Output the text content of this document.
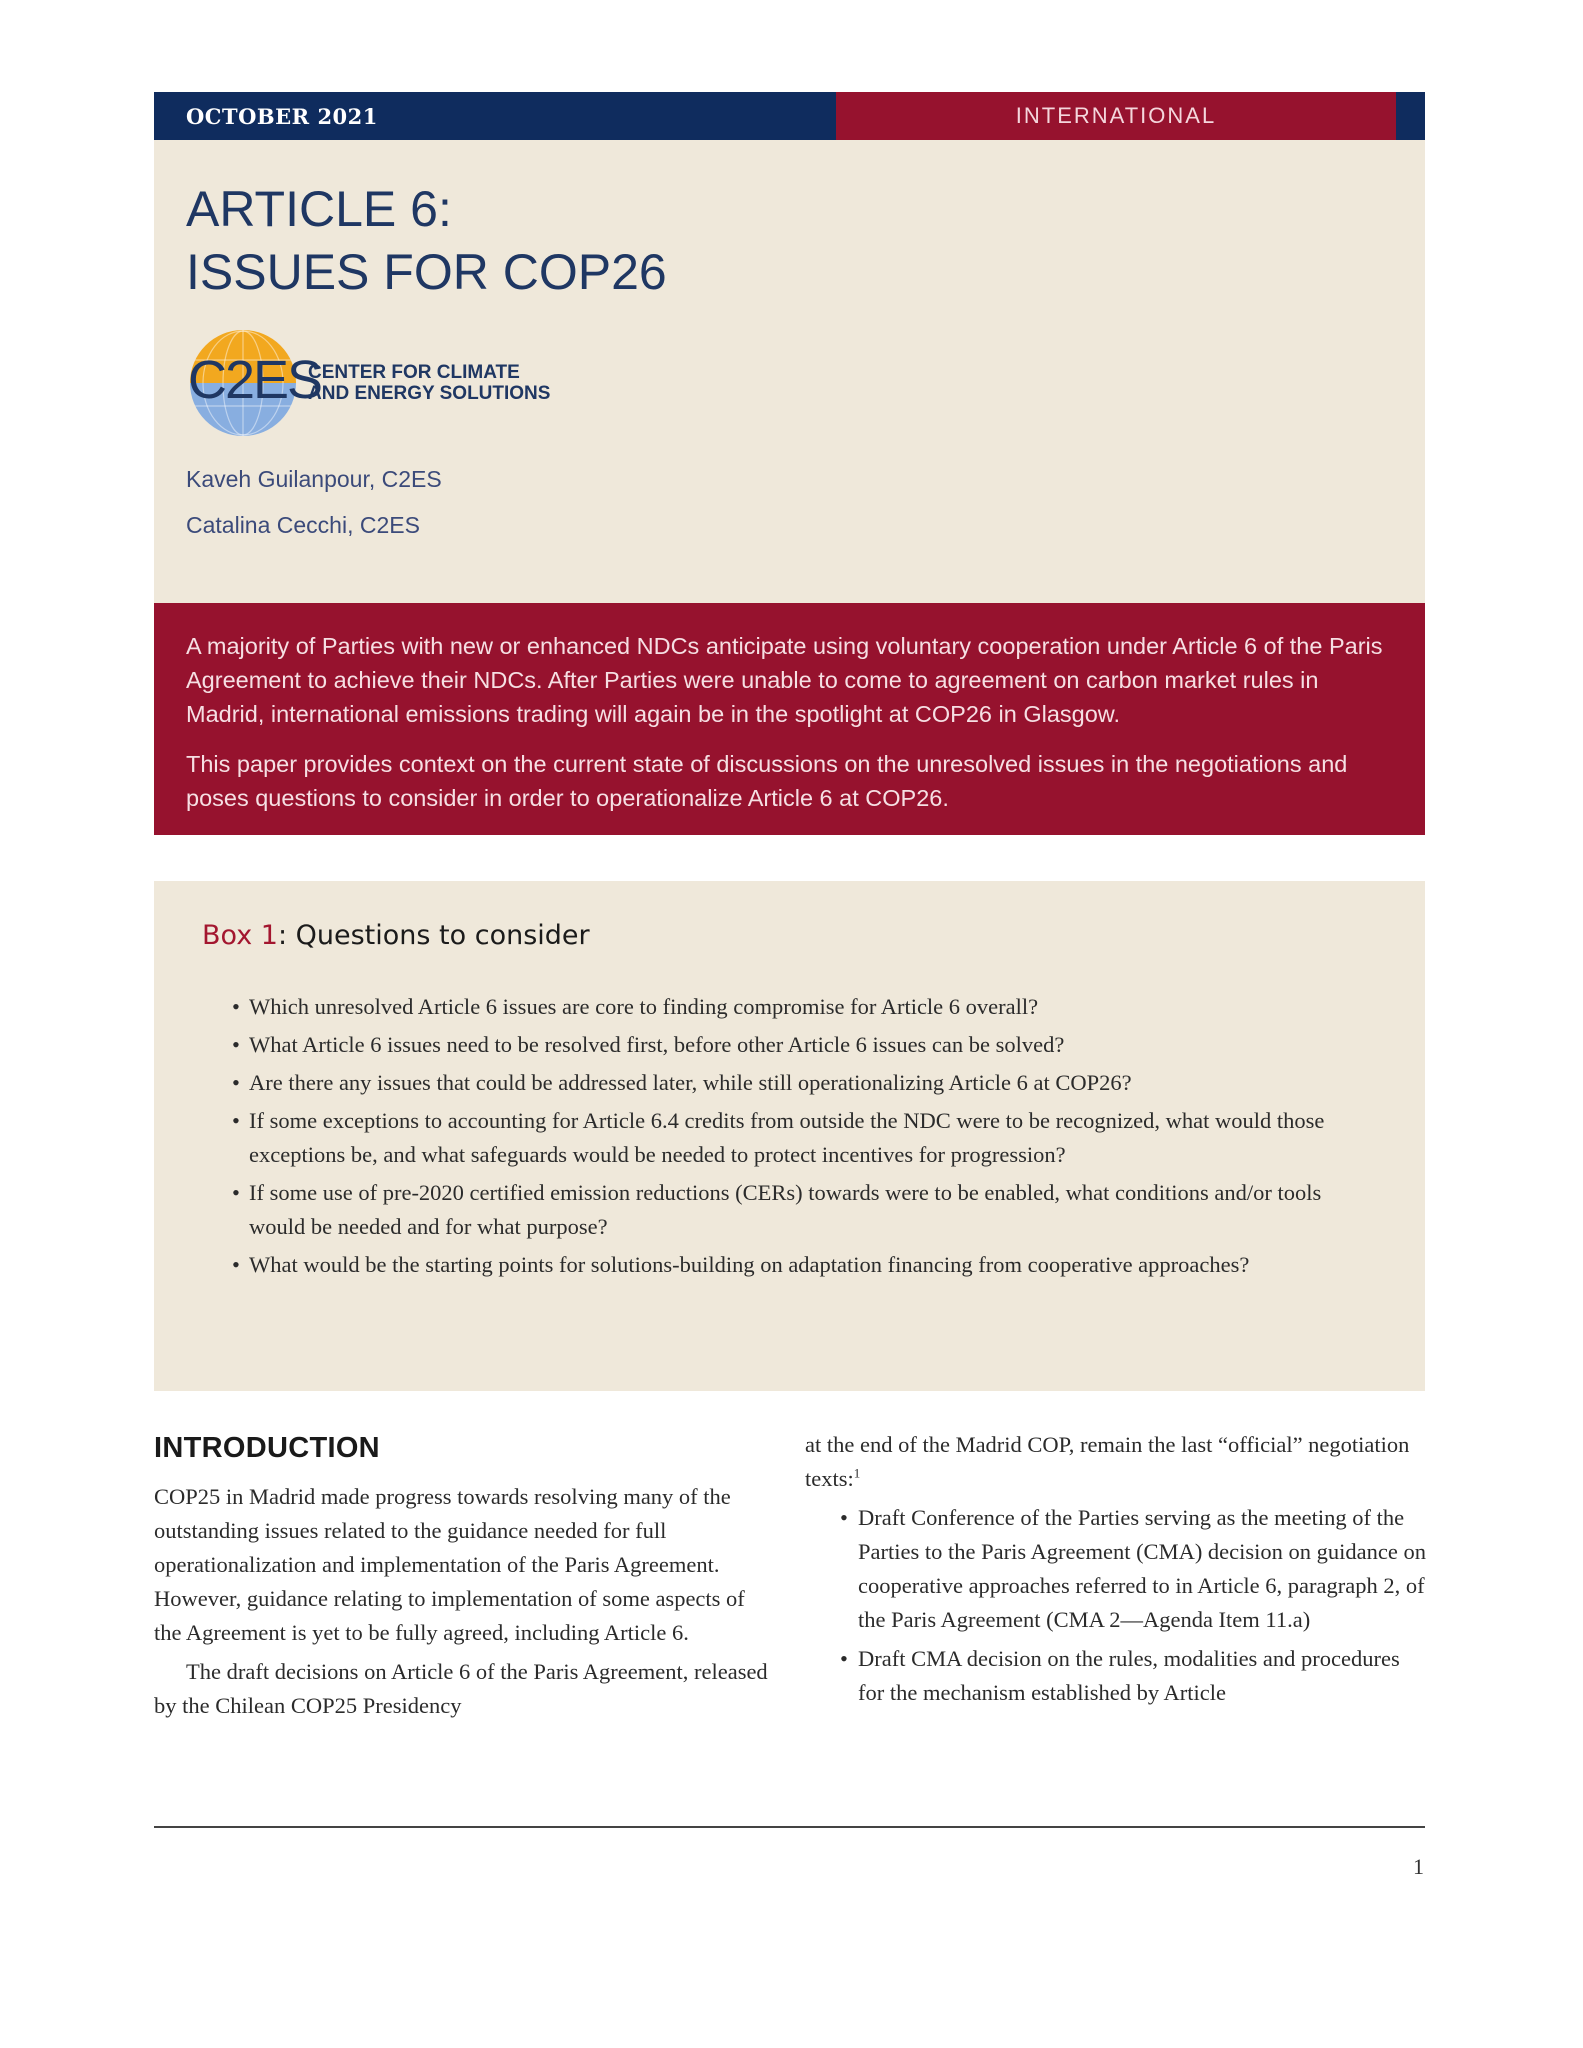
OCTOBER 2021	INTERNATIONAL
ARTICLE 6:
ISSUES FOR COP26
C2ES
CENTER FOR CLIMATE
AND ENERGY SOLUTIONS
Kaveh Guilanpour, C2ES
Catalina Cecchi, C2ES

A majority of Parties with new or enhanced NDCs anticipate using voluntary cooperation under Article 6 of the Paris Agreement to achieve their NDCs. After Parties were unable to come to agreement on carbon market rules in Madrid, international emissions trading will again be in the spotlight at COP26 in Glasgow.

This paper provides context on the current state of discussions on the unresolved issues in the negotiations and poses questions to consider in order to operationalize Article 6 at COP26.

Box 1: Questions to consider
• Which unresolved Article 6 issues are core to finding compromise for Article 6 overall?
• What Article 6 issues need to be resolved first, before other Article 6 issues can be solved?
• Are there any issues that could be addressed later, while still operationalizing Article 6 at COP26?
• If some exceptions to accounting for Article 6.4 credits from outside the NDC were to be recognized, what would those exceptions be, and what safeguards would be needed to protect incentives for progression?
• If some use of pre-2020 certified emission reductions (CERs) towards were to be enabled, what conditions and/or tools would be needed and for what purpose?
• What would be the starting points for solutions-building on adaptation financing from cooperative approaches?
INTRODUCTION

COP25 in Madrid made progress towards resolving many of the outstanding issues related to the guidance needed for full operationalization and implementation of the Paris Agreement. However, guidance relating to implementation of some aspects of the Agreement is yet to be fully agreed, including Article 6.

The draft decisions on Article 6 of the Paris Agreement, released by the Chilean COP25 Presidency

at the end of the Madrid COP, remain the last “official” negotiation texts:$^1$

• Draft Conference of the Parties serving as the meeting of the Parties to the Paris Agreement (CMA) decision on guidance on cooperative approaches referred to in Article 6, paragraph 2, of the Paris Agreement (CMA 2—Agenda Item 11.a)
• Draft CMA decision on the rules, modalities and procedures for the mechanism established by Article
1
